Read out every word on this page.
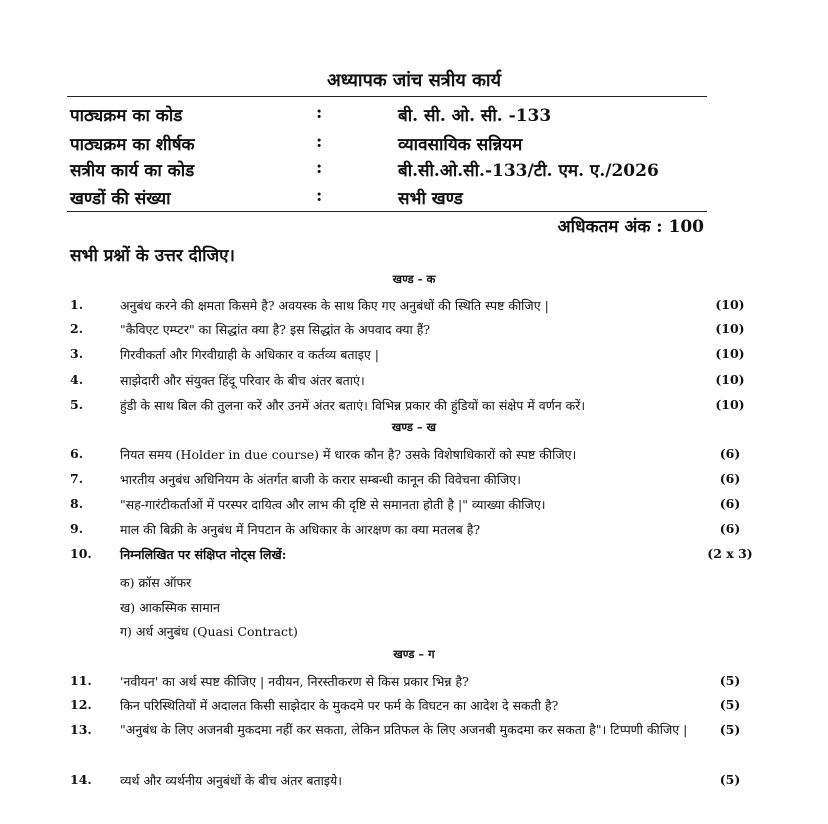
अध्यापक जांच सत्रीय कार्य
पाठ्यक्रम का कोड	:	बी. सी. ओ. सी. -133
पाठ्यक्रम का शीर्षक	:	व्यावसायिक सन्नियम
सत्रीय कार्य का कोड	:	बी.सी.ओ.सी.-133/टी. एम. ए./2026
खण्डों की संख्या	:	सभी खण्ड
अधिकतम अंक : 100
सभी प्रश्नों के उत्तर दीजिए।
खण्ड - क
1.	अनुबंध करने की क्षमता किसमे है? अवयस्क के साथ किए गए अनुबंधों की स्थिति स्पष्ट कीजिए |	(10)
2.	"कैविएट एम्प्टर" का सिद्धांत क्या है? इस सिद्धांत के अपवाद क्या हैं?	(10)
3.	गिरवीकर्ता और गिरवीग्राही के अधिकार व कर्तव्य बताइए |	(10)
4.	साझेदारी और संयुक्त हिंदू परिवार के बीच अंतर बताएं।	(10)
5.	हुंडी के साथ बिल की तुलना करें और उनमें अंतर बताएं। विभिन्न प्रकार की हुंडियों का संक्षेप में वर्णन करें।	(10)
खण्ड – ख
6.	नियत समय (Holder in due course) में धारक कौन है? उसके विशेषाधिकारों को स्पष्ट कीजिए।	(6)
7.	भारतीय अनुबंध अधिनियम के अंतर्गत बाजी के करार सम्बन्धी कानून की विवेचना कीजिए।	(6)
8.	"सह-गारंटीकर्ताओं में परस्पर दायित्व और लाभ की दृष्टि से समानता होती है |" व्याख्या कीजिए।	(6)
9.	माल की बिक्री के अनुबंध में निपटान के अधिकार के आरक्षण का क्या मतलब है?	(6)
10.	निम्नलिखित पर संक्षिप्त नोट्स लिखें:	(2 x 3)
क) क्रॉस ऑफर
ख) आकस्मिक सामान
ग) अर्ध अनुबंध (Quasi Contract)
खण्ड – ग
11.	'नवीयन' का अर्थ स्पष्ट कीजिए | नवीयन, निरस्तीकरण से किस प्रकार भिन्न है?	(5)
12.	किन परिस्थितियों में अदालत किसी साझेदार के मुकदमे पर फर्म के विघटन का आदेश दे सकती है?	(5)
13.	"अनुबंध के लिए अजनबी मुकदमा नहीं कर सकता, लेकिन प्रतिफल के लिए अजनबी मुकदमा कर सकता है"। टिप्पणी कीजिए |	(5)
14.	व्यर्थ और व्यर्थनीय अनुबंधों के बीच अंतर बताइये।	(5)
